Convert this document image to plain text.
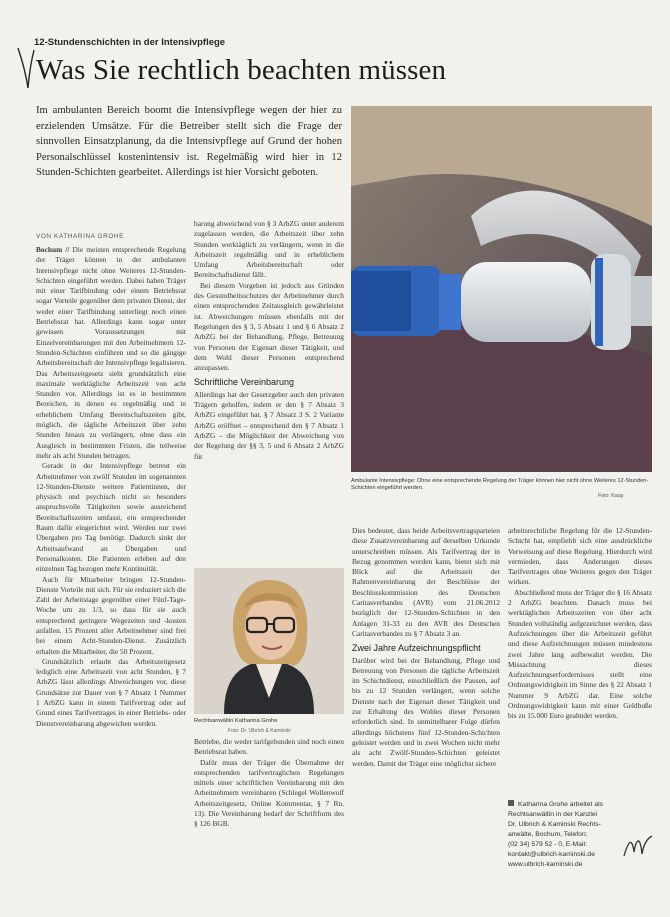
12-Stundenschichten in der Intensivpflege
Was Sie rechtlich beachten müssen
Im ambulanten Bereich boomt die Intensivpflege wegen der hier zu erzielenden Umsätze. Für die Betreiber stellt sich die Frage der sinnvollen Einsatzplanung, da die Intensivpflege auf Grund der hohen Personalschlüssel kostenintensiv ist. Regelmäßig wird hier in 12 Stunden-Schichten gearbeitet. Allerdings ist hier Vorsicht geboten.
VON KATHARINA GROHE

Bochum // Die meisten entsprechende Regelung der Träger können in der ambulanten Intensivpflege nicht ohne Weiteres 12-Stunden-Schichten eingeführt werden. Dabei haben Träger mit einer Tarifbindung oder einem Betriebsrat sogar Vorteile gegenüber dem privaten Dienst, der weder einer Tarifbindung unterliegt noch einen Betriebsrat hat. Allerdings kann sogar unter gewissen Voraussetzungen mit Einzelvereinbarungen mit den Arbeitnehmern 12-Stunden-Schichten einführen und so die gängige Arbeitsbereitschaft der Intensivpflege legalisieren. Das Arbeitszeitgesetz sieht grundsätzlich eine maximale werktägliche Arbeitszeit von acht Stunden vor. Allerdings ist es in bestimmten Bereichen, in denen es regelmäßig und in erheblichem Umfang Bereitschaftszeiten gibt, möglich, die tägliche Arbeitszeit über zehn Stunden hinaus zu verlängern, ohne dass ein Ausgleich in bestimmten Fristen, die teilweise mehr als acht Stunden betragen.

Gerade in der Intensivpflege betreut ein Arbeitnehmer von zwölf Stunden im sogenannten 12-Stunden-Dienste weitere Patientinnen, der physisch und psychisch nicht so besonders anspruchsvolle Tätigkeiten sowie ausreichend Bereitschaftszeiten umfasst, ein entsprechender Raum dafür eingerichtet wird. Werden nur zwei Übergaben pro Tag benötigt. Dadurch sinkt der Arbeitsaufwand an Übergaben und Personalkosten. Die Patienten erleben auf den einzelnen Tag bezogen mehr Kontinuität.

Auch für Mitarbeiter bringen 12-Stunden-Dienste Vorteile mit sich. Für sie reduziert sich die Zahl der Arbeitstage gegenüber einer Fünf-Tage-Woche um zu 1/3, so dass für sie auch entsprechend geringere Wegezeiten und -kosten anfallen. 15 Prozent aller Arbeitnehmer sind frei bei einem Acht-Stunden-Dienst. Zusätzlich erhalten die Mitarbeiter, die 50 Prozent.

Grundsätzlich erlaubt das Arbeitszeitgesetz lediglich eine Arbeitszeit von acht Stunden, § 7 ArbZG lässt allerdings Abweichungen vor, diese Grundsätze zur Dauer von § 7 Absatz 1 Nummer 1 ArbZG kann in einem Tarifvertrag oder auf Grund eines Tarifvertrages in einer Betriebs- oder Dienstvereinbarung abgewichen werden.

barung abweichend von § 3 ArbZG unter anderem zugelassen werden, die Arbeitszeit über zehn Stunden werktäglich zu verlängern, wenn in die Arbeitszeit regelmäßig und in erheblichem Umfang Arbeitsbereitschaft oder Bereitschaftsdienst fällt.

Bei diesem Vorgehen ist jedoch aus Gründen des Gesundheitsschutzes der Arbeitnehmer durch einen entsprechenden Zeitausgleich gewährleistet ist. Abweichungen müssen ebenfalls mit der Regelungen des § 3, 5 Absatz 1 und § 6 Absatz 2 ArbZG bei der Behandlung, Pflege, Betreuung von Personen der Eigenart dieser Tätigkeit, und dem Wohl dieser Personen entsprechend anzupassen.

Schriftliche Vereinbarung

Allerdings hat der Gesetzgeber auch den privaten Trägern geholfen, indem er den § 7 Absatz 3 ArbZG eingeführt hat. § 7 Absatz 3 S. 2 Variante ArbZG eröffnet – entsprechend den § 7 Absatz 1 ArbZG – die Möglichkeit der Abweichung von der Regelung der §§ 3, 5 und 6 Absatz 2 ArbZG für

Rechtsanwältin Katharina Grohe
Foto: Dr. Ulbrich & Kaminski

Betriebe, die weder tarifgebunden sind noch einen Betriebsrat haben.

Dafür muss der Träger die Übernahme der entsprechenden tarifvertraglichen Regelungen mittels einer schriftlichen Vereinbarung mit den Arbeitnehmern vereinbaren (Schlegel Wollenwolf Arbeitszeitgesetz, Online Kommentar, § 7 Rn. 13). Die Vereinbarung bedarf der Schriftform des § 126 BGB.

Ambulante Intensivpflege: Ohne eine entsprechende Regelung der Träger können hier nicht ohne Weiteres 12-Stunden-Schichten eingeführt werden.
Foto: Kaup

Dies bedeutet, dass beide Arbeitsvertragsparteien diese Zusatzvereinbarung auf derselben Urkunde unterschreiben müssen. Als Tarifvertrag der in Bezug genommen werden kann, bietet sich mit Blick auf die Arbeitszeit der Rahmenvereinbarung der Beschlüsse der Beschlusskommission des Deutschen Caritasverbandes (AVR) vom 21.06.2012 bezüglich der 12-Stunden-Schichten in den Anlagen 31-33 zu den AVR des Deutschen Caritasverbandes zu § 7 Absatz 3 an.

Zwei Jahre Aufzeichnungspflicht

Darüber wird bei der Behandlung, Pflege und Betreuung von Personen die tägliche Arbeitszeit im Schichtdienst, einschließlich der Pausen, auf bis zu 12 Stunden verlängert, wenn solche Dienste nach der Eigenart dieser Tätigkeit und zur Erhaltung des Wohles dieser Personen erforderlich sind. In unmittelbarer Folge dürfen allerdings höchstens fünf 12-Stunden-Schichten geleistet werden und in zwei Wochen nicht mehr als acht Zwölf-Stunden-Schichten geleistet werden. Damit der Träger eine möglichst sichere

arbeitsrechtliche Regelung für die 12-Stunden-Schicht hat, empfiehlt sich eine ausdrückliche Verweisung auf diese Regelung. Hierdurch wird vermieden, dass Änderungen dieses Tarifvertrages ohne Weiteres gegen den Träger wirken.

Abschließend muss der Träger die § 16 Absatz 2 ArbZG beachten. Danach muss bei werktäglichen Arbeitszeiten von über acht Stunden vollständig aufgezeichnet werden, dass Aufzeichnungen über die Arbeitszeit geführt und diese Aufzeichnungen müssen mindestens zwei Jahre lang aufbewahrt werden. Die Missachtung dieses Aufzeichnungserfordernisses stellt eine Ordnungswidrigkeit im Sinne des § 22 Absatz 1 Nummer 9 ArbZG dar. Eine solche Ordnungswidrigkeit kann mit einer Geldbuße bis zu 15.000 Euro geahndet werden.

Katharina Grohe arbeitet als
Rechtsanwältin in der Kanzlei
Dr. Ulbrich & Kaminski Rechts-
anwälte, Bochum, Telefon:
(02 34) 579 52 - 0, E-Mail:
kontakt@ulbrich-kaminski.de
www.ulbrich-kaminski.de
